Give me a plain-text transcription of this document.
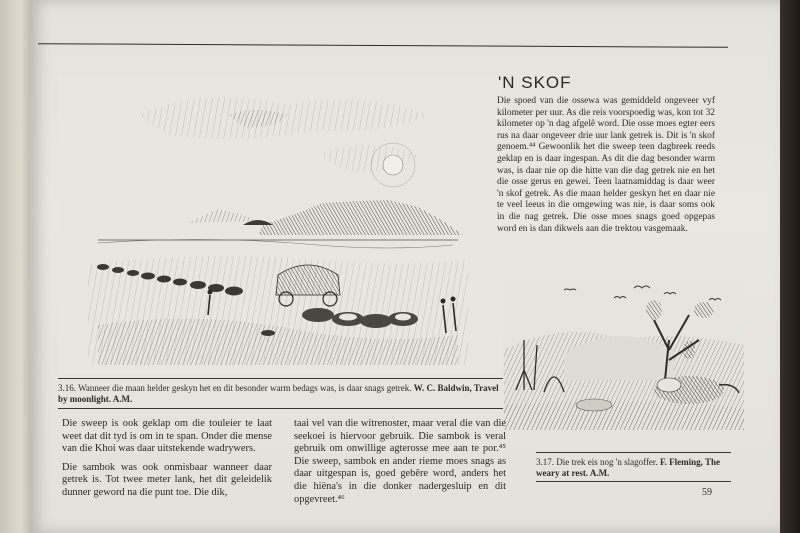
3.16. Wanneer die maan helder geskyn het en dit besonder warm bedags was, is daar snags getrek. W. C. Baldwin, Travel by moonlight. A.M.
'N SKOF
Die spoed van die ossewa was gemiddeld ongeveer vyf kilometer per uur. As die reis voorspoedig was, kon tot 32 kilometer op 'n dag afgelê word. Die osse moes egter eers rus na daar ongeveer drie uur lank getrek is. Dit is 'n skof genoem.⁴⁴ Gewoonlik het die sweep teen dagbreek reeds geklap en is daar ingespan. As dit die dag besonder warm was, is daar nie op die hitte van die dag getrek nie en het die osse gerus en gewei. Teen laatnamiddag is daar weer 'n skof getrek. As die maan helder geskyn het en daar nie te veel leeus in die omgewing was nie, is daar soms ook in die nag getrek. Die osse moes snags goed opgepas word en is dan dikwels aan die trektou vasgemaak.
3.17. Die trek eis nog 'n slagoffer. F. Fleming, The weary at rest. A.M.

Die sweep is ook geklap om die touleier te laat weet dat dit tyd is om in te span. Onder die mense van die Khoi was daar uitstekende wadrywers.

Die sambok was ook onmisbaar wanneer daar getrek is. Tot twee meter lank, het dit geleidelik dunner geword na die punt toe. Die dik,

taai vel van die witrenoster, maar veral die van die seekoei is hiervoor gebruik. Die sambok is veral gebruik om onwillige agterosse mee aan te por.⁴⁵ Die sweep, sambok en ander rieme moes snags as daar uitgespan is, goed gebêre word, anders het die hiëna's in die donker nadergesluip en dit opgevreet.⁴⁶

59
